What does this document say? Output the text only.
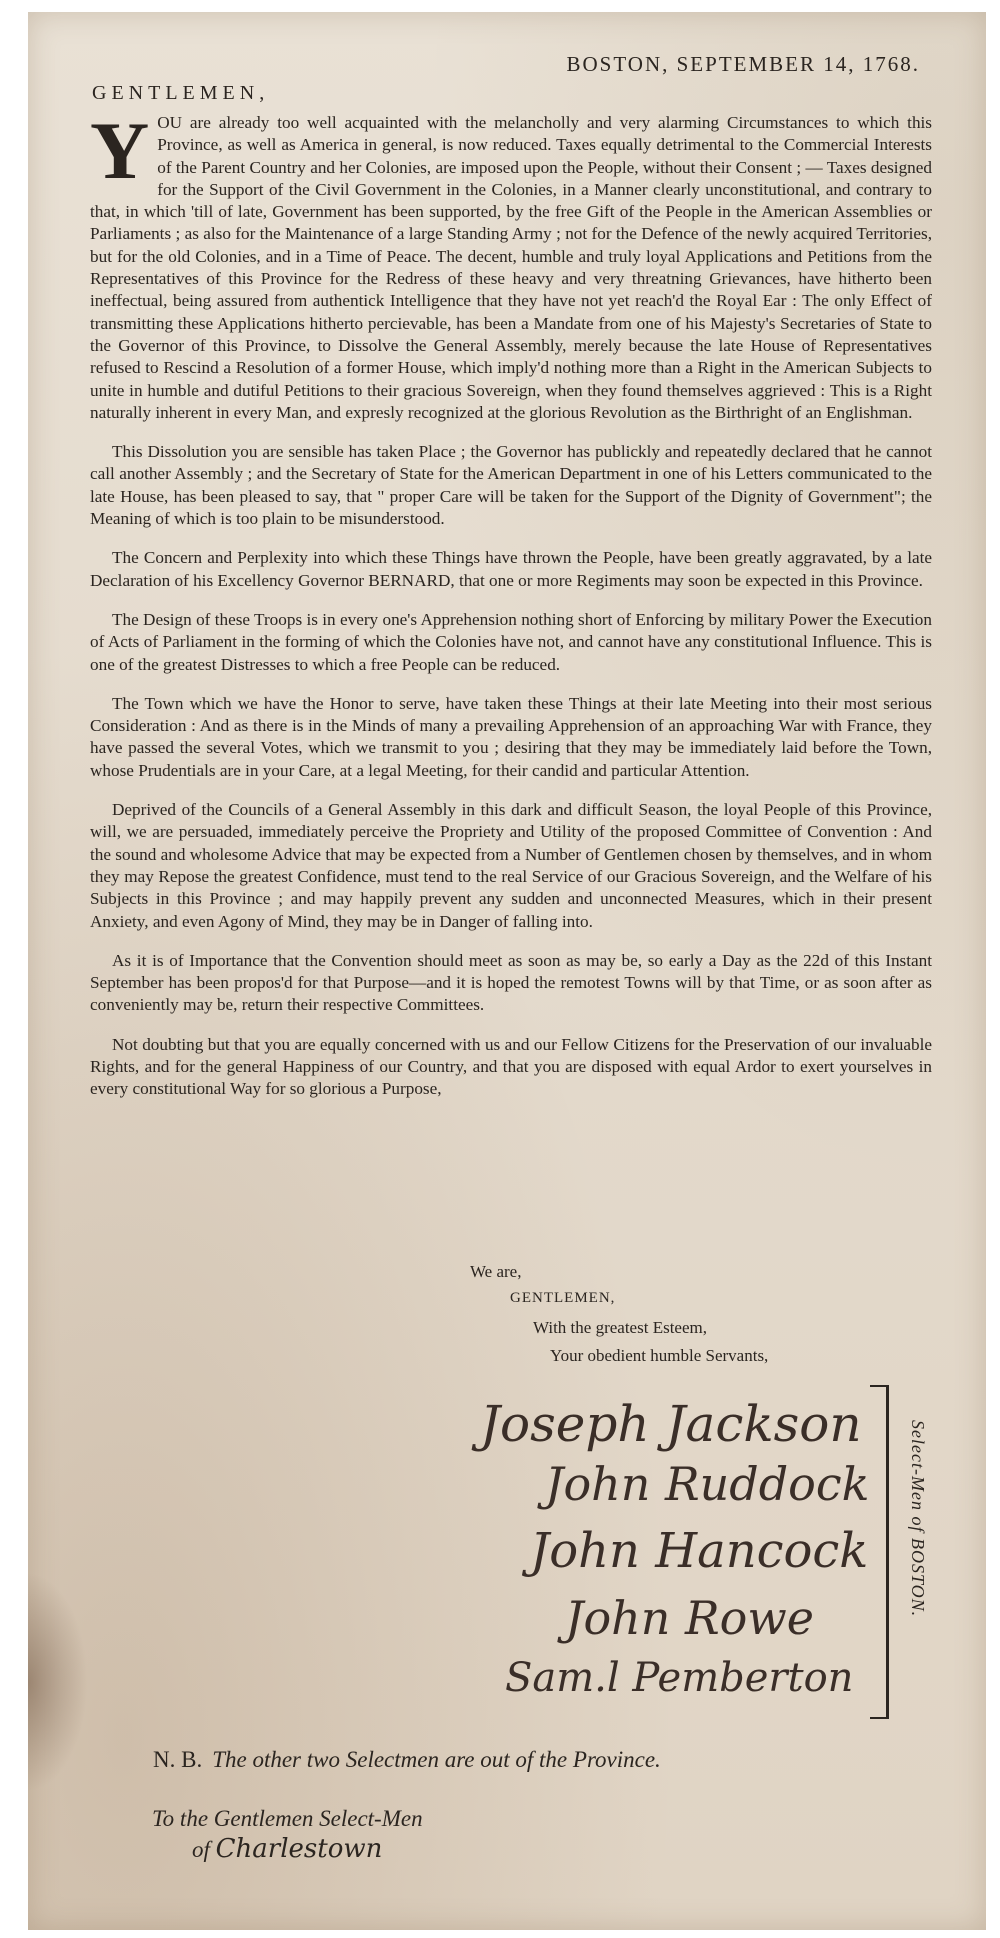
BOSTON, SEPTEMBER 14, 1768.
GENTLEMEN,

Y OU are already too well acquainted with the melancholly and very alarming Circumstances to which this Province, as well as America in general, is now reduced. Taxes equally detrimental to the Commercial Interests of the Parent Country and her Colonies, are imposed upon the People, without their Consent ; — Taxes designed for the Support of the Civil Government in the Colonies, in a Manner clearly unconstitutional, and contrary to that, in which 'till of late, Government has been supported, by the free Gift of the People in the American Assemblies or Parliaments ; as also for the Maintenance of a large Standing Army ; not for the Defence of the newly acquired Territories, but for the old Colonies, and in a Time of Peace. The decent, humble and truly loyal Applications and Petitions from the Representatives of this Province for the Redress of these heavy and very threatning Grievances, have hitherto been ineffectual, being assured from authentick Intelligence that they have not yet reach'd the Royal Ear : The only Effect of transmitting these Applications hitherto percievable, has been a Mandate from one of his Majesty's Secretaries of State to the Governor of this Province, to Dissolve the General Assembly, merely because the late House of Representatives refused to Rescind a Resolution of a former House, which imply'd nothing more than a Right in the American Subjects to unite in humble and dutiful Petitions to their gracious Sovereign, when they found themselves aggrieved : This is a Right naturally inherent in every Man, and expresly recognized at the glorious Revolution as the Birthright of an Englishman.

This Dissolution you are sensible has taken Place ; the Governor has publickly and repeatedly declared that he cannot call another Assembly ; and the Secretary of State for the American Department in one of his Letters communicated to the late House, has been pleased to say, that " proper Care will be taken for the Support of the Dignity of Government"; the Meaning of which is too plain to be misunderstood.

The Concern and Perplexity into which these Things have thrown the People, have been greatly aggravated, by a late Declaration of his Excellency Governor BERNARD, that one or more Regiments may soon be expected in this Province.

The Design of these Troops is in every one's Apprehension nothing short of Enforcing by military Power the Execution of Acts of Parliament in the forming of which the Colonies have not, and cannot have any constitutional Influence. This is one of the greatest Distresses to which a free People can be reduced.

The Town which we have the Honor to serve, have taken these Things at their late Meeting into their most serious Consideration : And as there is in the Minds of many a prevailing Apprehension of an approaching War with France, they have passed the several Votes, which we transmit to you ; desiring that they may be immediately laid before the Town, whose Prudentials are in your Care, at a legal Meeting, for their candid and particular Attention.

Deprived of the Councils of a General Assembly in this dark and difficult Season, the loyal People of this Province, will, we are persuaded, immediately perceive the Propriety and Utility of the proposed Committee of Convention : And the sound and wholesome Advice that may be expected from a Number of Gentlemen chosen by themselves, and in whom they may Repose the greatest Confidence, must tend to the real Service of our Gracious Sovereign, and the Welfare of his Subjects in this Province ; and may happily prevent any sudden and unconnected Measures, which in their present Anxiety, and even Agony of Mind, they may be in Danger of falling into.

As it is of Importance that the Convention should meet as soon as may be, so early a Day as the 22d of this Instant September has been propos'd for that Purpose—and it is hoped the remotest Towns will by that Time, or as soon after as conveniently may be, return their respective Committees.

Not doubting but that you are equally concerned with us and our Fellow Citizens for the Preservation of our invaluable Rights, and for the general Happiness of our Country, and that you are disposed with equal Ardor to exert yourselves in every constitutional Way for so glorious a Purpose,

We are,
GENTLEMEN,
With the greatest Esteem,
Your obedient humble Servants,
Joseph Jackson
John Ruddock
John Hancock
John Rowe
Sam.l Pemberton
Select-Men of BOSTON.
N. B. The other two Selectmen are out of the Province.
To the Gentlemen Select-Men
of Charlestown
